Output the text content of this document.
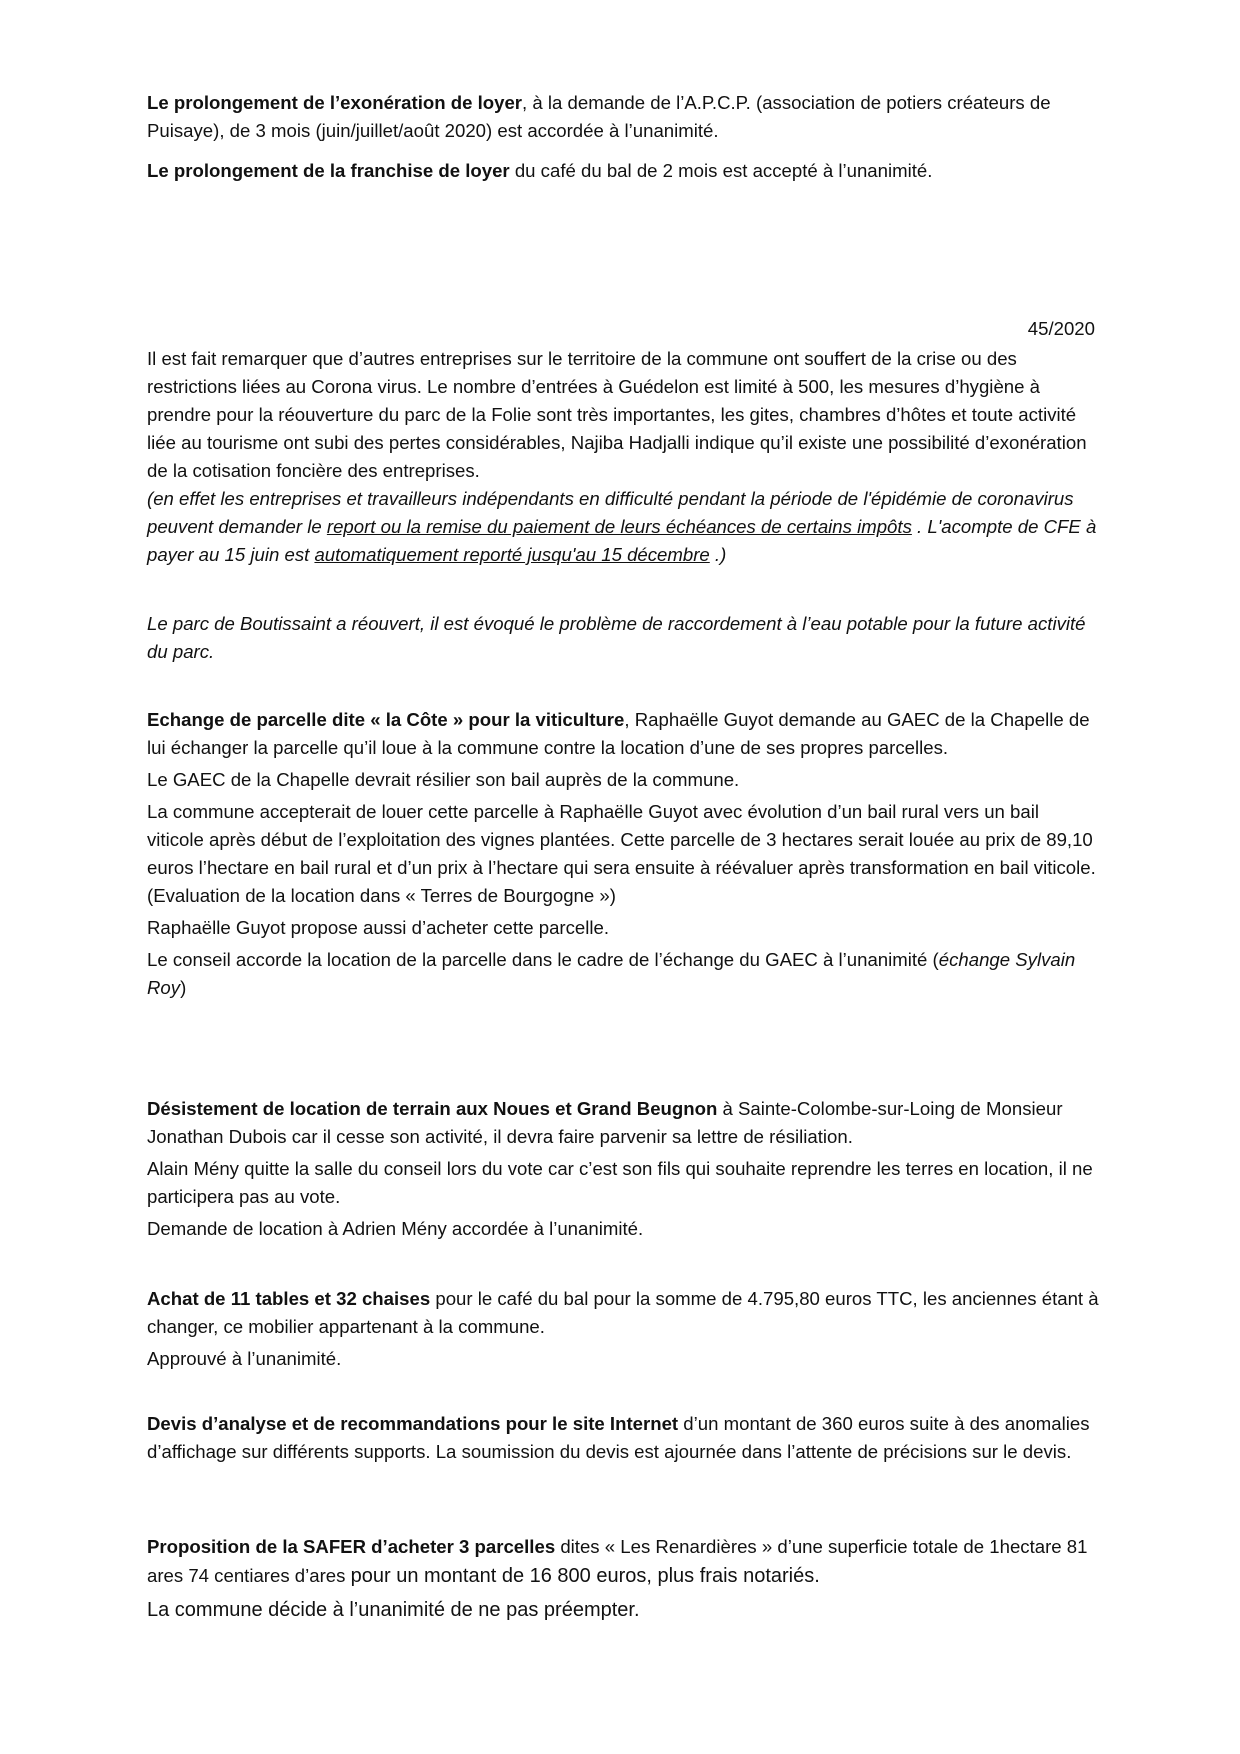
Le prolongement de l’exonération de loyer, à la demande de l’A.P.C.P. (association de potiers créateurs de Puisaye), de 3 mois (juin/juillet/août 2020) est accordée à l’unanimité.

Le prolongement de la franchise de loyer du café du bal de 2 mois est accepté à l’unanimité.

45/2020

Il est fait remarquer que d’autres entreprises sur le territoire de la commune ont souffert de la crise ou des restrictions liées au Corona virus. Le nombre d’entrées à Guédelon est limité à 500, les mesures d’hygiène à prendre pour la réouverture du parc de la Folie sont très importantes, les gites, chambres d’hôtes et toute activité liée au tourisme ont subi des pertes considérables, Najiba Hadjalli indique qu’il existe une possibilité d’exonération de la cotisation foncière des entreprises.

(en effet les entreprises et travailleurs indépendants en difficulté pendant la période de l'épidémie de coronavirus peuvent demander le report ou la remise du paiement de leurs échéances de certains impôts . L'acompte de CFE à payer au 15 juin est automatiquement reporté jusqu'au 15 décembre .)

Le parc de Boutissaint a réouvert, il est évoqué le problème de raccordement à l’eau potable pour la future activité du parc.

Echange de parcelle dite « la Côte » pour la viticulture, Raphaëlle Guyot demande au GAEC de la Chapelle de lui échanger la parcelle qu’il loue à la commune contre la location d’une de ses propres parcelles.

Le GAEC de la Chapelle devrait résilier son bail auprès de la commune.

La commune accepterait de louer cette parcelle à Raphaëlle Guyot avec évolution d’un bail rural vers un bail viticole après début de l’exploitation des vignes plantées. Cette parcelle de 3 hectares serait louée au prix de 89,10 euros l’hectare en bail rural et d’un prix à l’hectare qui sera ensuite à réévaluer après transformation en bail viticole. (Evaluation de la location dans « Terres de Bourgogne »)

Raphaëlle Guyot propose aussi d’acheter cette parcelle.

Le conseil accorde la location de la parcelle dans le cadre de l’échange du GAEC à l’unanimité (échange Sylvain Roy)

Désistement de location de terrain aux Noues et Grand Beugnon à Sainte-Colombe-sur-Loing de Monsieur Jonathan Dubois car il cesse son activité, il devra faire parvenir sa lettre de résiliation.

Alain Mény quitte la salle du conseil lors du vote car c’est son fils qui souhaite reprendre les terres en location, il ne participera pas au vote.

Demande de location à Adrien Mény accordée à l’unanimité.

Achat de 11 tables et 32 chaises pour le café du bal pour la somme de 4.795,80 euros TTC, les anciennes étant à changer, ce mobilier appartenant à la commune.

Approuvé à l’unanimité.

Devis d’analyse et de recommandations pour le site Internet d’un montant de 360 euros suite à des anomalies d’affichage sur différents supports. La soumission du devis est ajournée dans l’attente de précisions sur le devis.

Proposition de la SAFER d’acheter 3 parcelles dites « Les Renardières » d’une superficie totale de 1hectare 81 ares 74 centiares d’ares pour un montant de 16 800 euros, plus frais notariés.

La commune décide à l’unanimité de ne pas préempter.
